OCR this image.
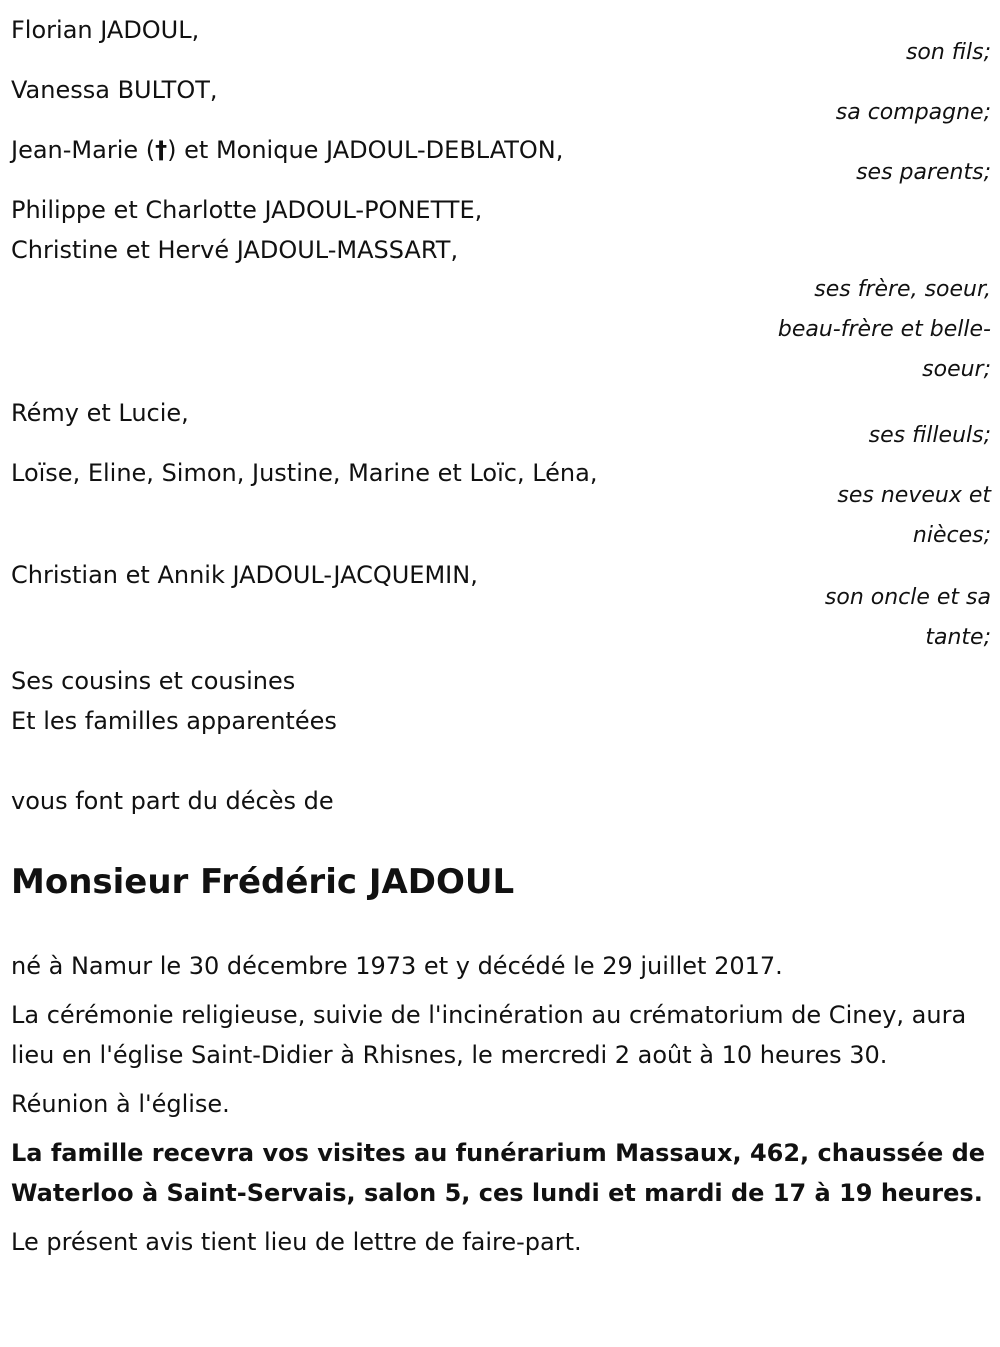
Florian JADOUL,
son fils;
Vanessa BULTOT,
sa compagne;
Jean-Marie (†) et Monique JADOUL-DEBLATON,
ses parents;
Philippe et Charlotte JADOUL-PONETTE,
Christine et Hervé JADOUL-MASSART,
ses frère, soeur,
beau-frère et belle-
soeur;
Rémy et Lucie,
ses filleuls;
Loïse, Eline, Simon, Justine, Marine et Loïc, Léna,
ses neveux et
nièces;
Christian et Annik JADOUL-JACQUEMIN,
son oncle et sa
tante;
Ses cousins et cousines
Et les familles apparentées
vous font part du décès de
Monsieur Frédéric JADOUL
né à Namur le 30 décembre 1973 et y décédé le 29 juillet 2017.
La cérémonie religieuse, suivie de l'incinération au crématorium de Ciney, aura lieu en l'église Saint-Didier à Rhisnes, le mercredi 2 août à 10 heures 30.
Réunion à l'église.
La famille recevra vos visites au funérarium Massaux, 462, chaussée de Waterloo à Saint-Servais, salon 5, ces lundi et mardi de 17 à 19 heures.
Le présent avis tient lieu de lettre de faire-part.
